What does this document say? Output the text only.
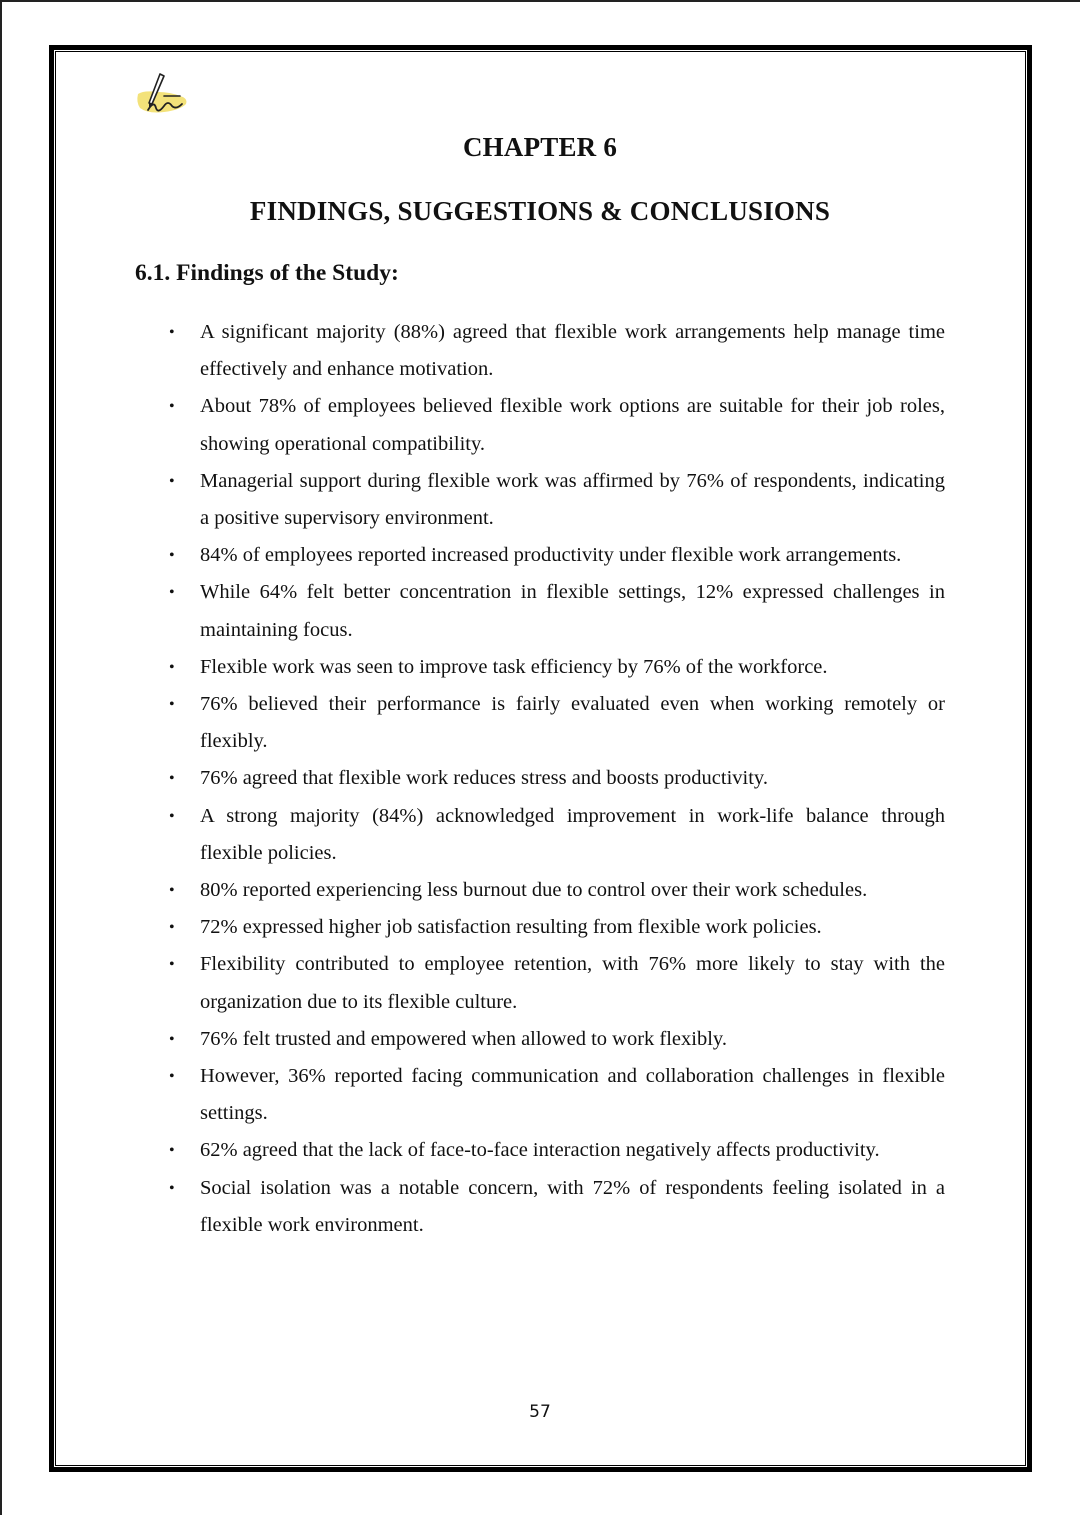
CHAPTER 6
FINDINGS, SUGGESTIONS & CONCLUSIONS
6.1. Findings of the Study:
• A significant majority (88%) agreed that flexible work arrangements help manage time effectively and enhance motivation.
• About 78% of employees believed flexible work options are suitable for their job roles, showing operational compatibility.
• Managerial support during flexible work was affirmed by 76% of respondents, indicating a positive supervisory environment.
• 84% of employees reported increased productivity under flexible work arrangements.
• While 64% felt better concentration in flexible settings, 12% expressed challenges in maintaining focus.
• Flexible work was seen to improve task efficiency by 76% of the workforce.
• 76% believed their performance is fairly evaluated even when working remotely or flexibly.
• 76% agreed that flexible work reduces stress and boosts productivity.
• A strong majority (84%) acknowledged improvement in work-life balance through flexible policies.
• 80% reported experiencing less burnout due to control over their work schedules.
• 72% expressed higher job satisfaction resulting from flexible work policies.
• Flexibility contributed to employee retention, with 76% more likely to stay with the organization due to its flexible culture.
• 76% felt trusted and empowered when allowed to work flexibly.
• However, 36% reported facing communication and collaboration challenges in flexible settings.
• 62% agreed that the lack of face-to-face interaction negatively affects productivity.
• Social isolation was a notable concern, with 72% of respondents feeling isolated in a flexible work environment.
57
